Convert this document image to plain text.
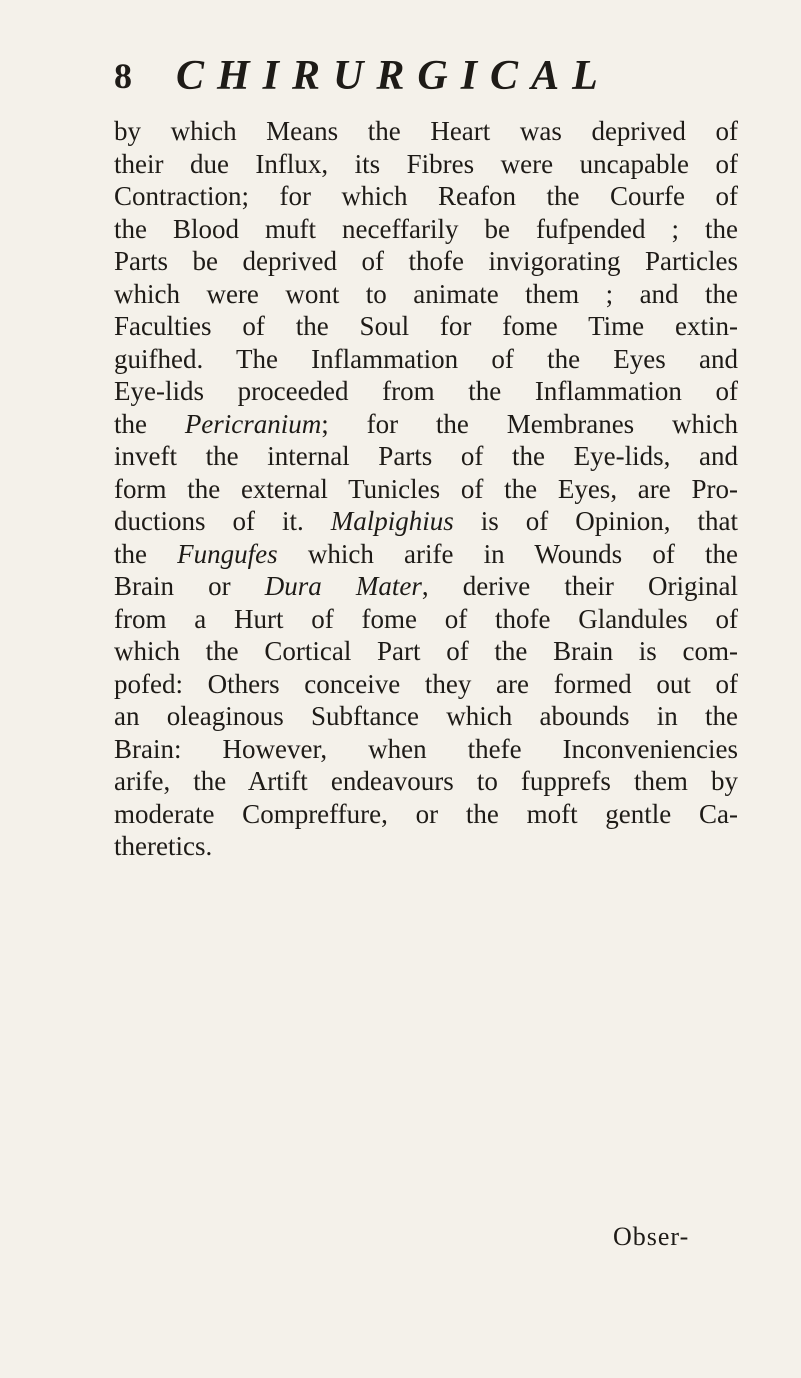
8 CHIRURGICAL
by which Means the Heart was deprived of
their due Influx, its Fibres were uncapable of
Contraction; for which Reafon the Courfe of
the Blood muft neceffarily be fufpended ; the
Parts be deprived of thofe invigorating Particles
which were wont to animate them ; and the
Faculties of the Soul for fome Time extin-
guifhed. The Inflammation of the Eyes and
Eye-lids proceeded from the Inflammation of
the Pericranium; for the Membranes which
inveft the internal Parts of the Eye-lids, and
form the external Tunicles of the Eyes, are Pro-
ductions of it. Malpighius is of Opinion, that
the Fungufes which arife in Wounds of the
Brain or Dura Mater, derive their Original
from a Hurt of fome of thofe Glandules of
which the Cortical Part of the Brain is com-
pofed: Others conceive they are formed out of
an oleaginous Subftance which abounds in the
Brain: However, when thefe Inconveniencies
arife, the Artift endeavours to fupprefs them by
moderate Compreffure, or the moft gentle Ca-
theretics.
Obser-
